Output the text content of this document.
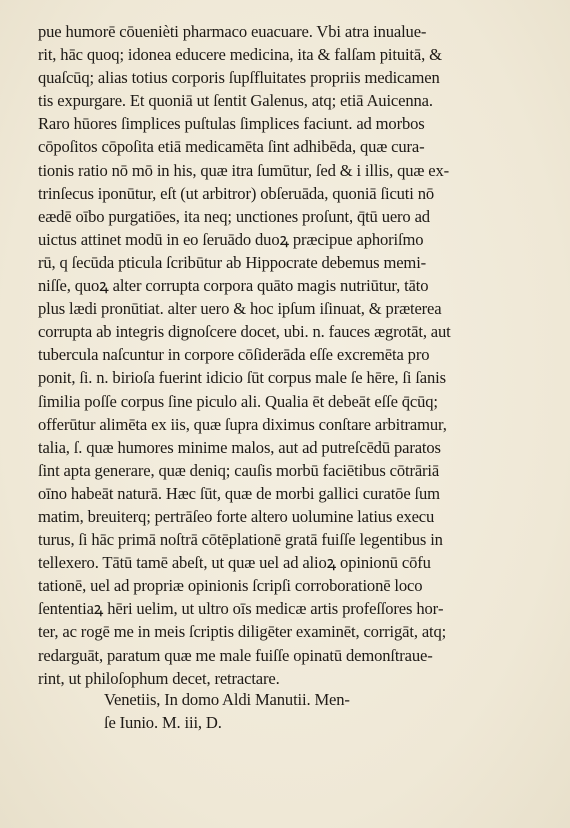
pue humorē cōuenièti pharmaco euacuare. Vbi atra inualue‑
rit, hāc quoq; idonea educere medicina, ita & falſam pituitā, &
quaſcūq; alias totius corporis ſupſfluitates propriis medicamen
tis expurgare. Et quoniā ut ſentit Galenus, atq; etiā Auicenna.
Raro hūores ſimplices puſtulas ſimplices faciunt. ad morbos
cōpoſitos cōpoſita etiā medicamēta ſint adhibēda, quæ cura‑
tionis ratio nō mō in his, quæ itra ſumūtur, ſed & i illis, quæ ex‑
trinſecus iponūtur, eſt (ut arbitror) obſeruāda, quoniā ſicuti nō
eædē oībo purgatiōes, ita neq; unctiones proſunt, q̄tū uero ad
uictus attinet modū in eo ſeruādo duoꝝ præcipue aphoriſmo
rū, q ſecūda pticula ſcribūtur ab Hippocrate debemus memi‑
niſſe, quoꝝ alter corrupta corpora quāto magis nutriūtur, tāto
plus lædi pronūtiat. alter uero & hoc ipſum iſinuat, & præterea
corrupta ab integris dignoſcere docet, ubi. n. fauces ægrotāt, aut
tubercula naſcuntur in corpore cōſiderāda eſſe excremēta pro
ponit, ſi. n. birioſa fuerint idicio ſūt corpus male ſe hēre, ſi ſanis
ſimilia poſſe corpus ſine piculo ali. Qualia ēt debeāt eſſe q̄cūq;
offerūtur alimēta ex iis, quæ ſupra diximus conſtare arbitramur,
talia, ſ. quæ humores minime malos, aut ad putreſcēdū paratos
ſint apta generare, quæ deniq; cauſis morbū faciētibus cōtrāriā
oīno habeāt naturā. Hæc ſūt, quæ de morbi gallici curatōe ſum
matim, breuiterq; pertrāſeo forte altero uolumine latius execu
turus, ſi hāc primā noſtrā cōtēplationē gratā fuiſſe legentibus in
tellexero. Tātū tamē abeſt, ut quæ uel ad alioꝝ opinionū cōfu
tationē, uel ad propriæ opinionis ſcripſi corroborationē loco
ſententiaꝝ hēri uelim, ut ultro oīs medicæ artis profeſſores hor‑
ter, ac rogē me in meis ſcriptis diligēter examinēt, corrigāt, atq;
redarguāt, paratum quæ me male fuiſſe opinatū demonſtraue‑
rint, ut philoſophum decet, retractare.
Venetiis, In domo Aldi Manutii. Men‑
ſe Iunio. M. iii, D.
